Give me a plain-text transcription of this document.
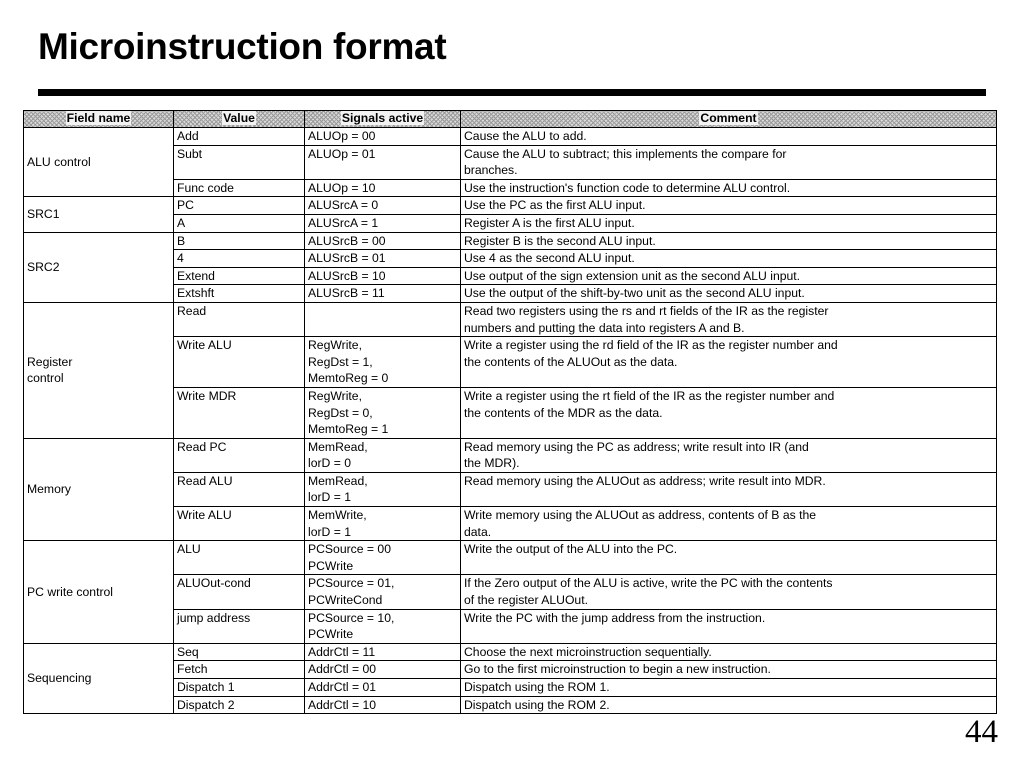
Microinstruction format
Field name	Value	Signals active	Comment
ALU control	Add	ALUOp = 00	Cause the ALU to add.

	Subt	ALUOp = 01	Cause the ALU to subtract; this implements the compare for
branches.

	Func code	ALUOp = 10	Use the instruction's function code to determine ALU control.

SRC1	PC	ALUSrcA = 0	Use the PC as the first ALU input.

	A	ALUSrcA = 1	Register A is the first ALU input.

SRC2	B	ALUSrcB = 00	Register B is the second ALU input.

	4	ALUSrcB = 01	Use 4 as the second ALU input.

	Extend	ALUSrcB = 10	Use output of the sign extension unit as the second ALU input.

	Extshft	ALUSrcB = 11	Use the output of the shift-by-two unit as the second ALU input.

Register control	Read		Read two registers using the rs and rt fields of the IR as the register
numbers and putting the data into registers A and B.

	Write ALU	RegWrite,
RegDst = 1,
MemtoReg = 0	Write a register using the rd field of the IR as the register number and
the contents of the ALUOut as the data.

	Write MDR	RegWrite,
RegDst = 0,
MemtoReg = 1	Write a register using the rt field of the IR as the register number and
the contents of the MDR as the data.

Memory	Read PC	MemRead,
lorD = 0	Read memory using the PC as address; write result into IR (and
the MDR).

	Read ALU	MemRead,
lorD = 1	Read memory using the ALUOut as address; write result into MDR.

	Write ALU	MemWrite,
lorD = 1	Write memory using the ALUOut as address, contents of B as the
data.

PC write control	ALU	PCSource = 00
PCWrite	Write the output of the ALU into the PC.

	ALUOut-cond	PCSource = 01,
PCWriteCond	If the Zero output of the ALU is active, write the PC with the contents
of the register ALUOut.

	jump address	PCSource = 10,
PCWrite	Write the PC with the jump address from the instruction.

Sequencing	Seq	AddrCtl = 11	Choose the next microinstruction sequentially.

	Fetch	AddrCtl = 00	Go to the first microinstruction to begin a new instruction.

	Dispatch 1	AddrCtl = 01	Dispatch using the ROM 1.

	Dispatch 2	AddrCtl = 10	Dispatch using the ROM 2.
44
